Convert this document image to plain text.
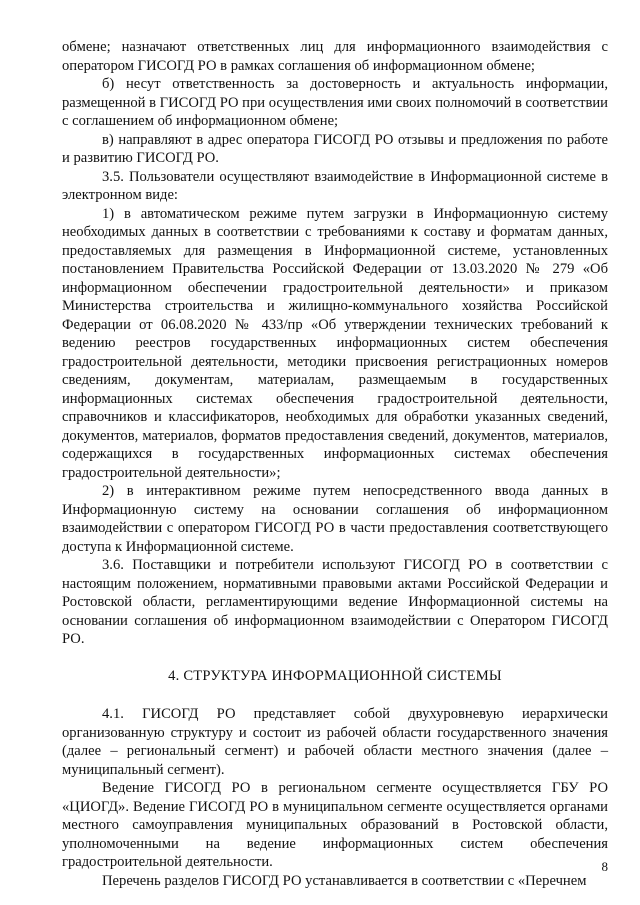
обмене; назначают ответственных лиц для информационного взаимодействия с оператором ГИСОГД РО в рамках соглашения об информационном обмене;

б) несут ответственность за достоверность и актуальность информации, размещенной в ГИСОГД РО при осуществления ими своих полномочий в соответствии с соглашением об информационном обмене;

в) направляют в адрес оператора ГИСОГД РО отзывы и предложения по работе и развитию ГИСОГД РО.

3.5. Пользователи осуществляют взаимодействие в Информационной системе в электронном виде:

1) в автоматическом режиме путем загрузки в Информационную систему необходимых данных в соответствии с требованиями к составу и форматам данных, предоставляемых для размещения в Информационной системе, установленных постановлением Правительства Российской Федерации от 13.03.2020 № 279 «Об информационном обеспечении градостроительной деятельности» и приказом Министерства строительства и жилищно-коммунального хозяйства Российской Федерации от 06.08.2020 № 433/пр «Об утверждении технических требований к ведению реестров государственных информационных систем обеспечения градостроительной деятельности, методики присвоения регистрационных номеров сведениям, документам, материалам, размещаемым в государственных информационных системах обеспечения градостроительной деятельности, справочников и классификаторов, необходимых для обработки указанных сведений, документов, материалов, форматов предоставления сведений, документов, материалов, содержащихся в государственных информационных системах обеспечения градостроительной деятельности»;

2) в интерактивном режиме путем непосредственного ввода данных в Информационную систему на основании соглашения об информационном взаимодействии с оператором ГИСОГД РО в части предоставления соответствующего доступа к Информационной системе.

3.6. Поставщики и потребители используют ГИСОГД РО в соответствии с настоящим положением, нормативными правовыми актами Российской Федерации и Ростовской области, регламентирующими ведение Информационной системы на основании соглашения об информационном взаимодействии с Оператором ГИСОГД РО.

4. СТРУКТУРА ИНФОРМАЦИОННОЙ СИСТЕМЫ

4.1. ГИСОГД РО представляет собой двухуровневую иерархически организованную структуру и состоит из рабочей области государственного значения (далее – региональный сегмент) и рабочей области местного значения (далее – муниципальный сегмент).

Ведение ГИСОГД РО в региональном сегменте осуществляется ГБУ РО «ЦИОГД». Ведение ГИСОГД РО в муниципальном сегменте осуществляется органами местного самоуправления муниципальных образований в Ростовской области, уполномоченными на ведение информационных систем обеспечения градостроительной деятельности.

Перечень разделов ГИСОГД РО устанавливается в соответствии с «Перечнем

8
